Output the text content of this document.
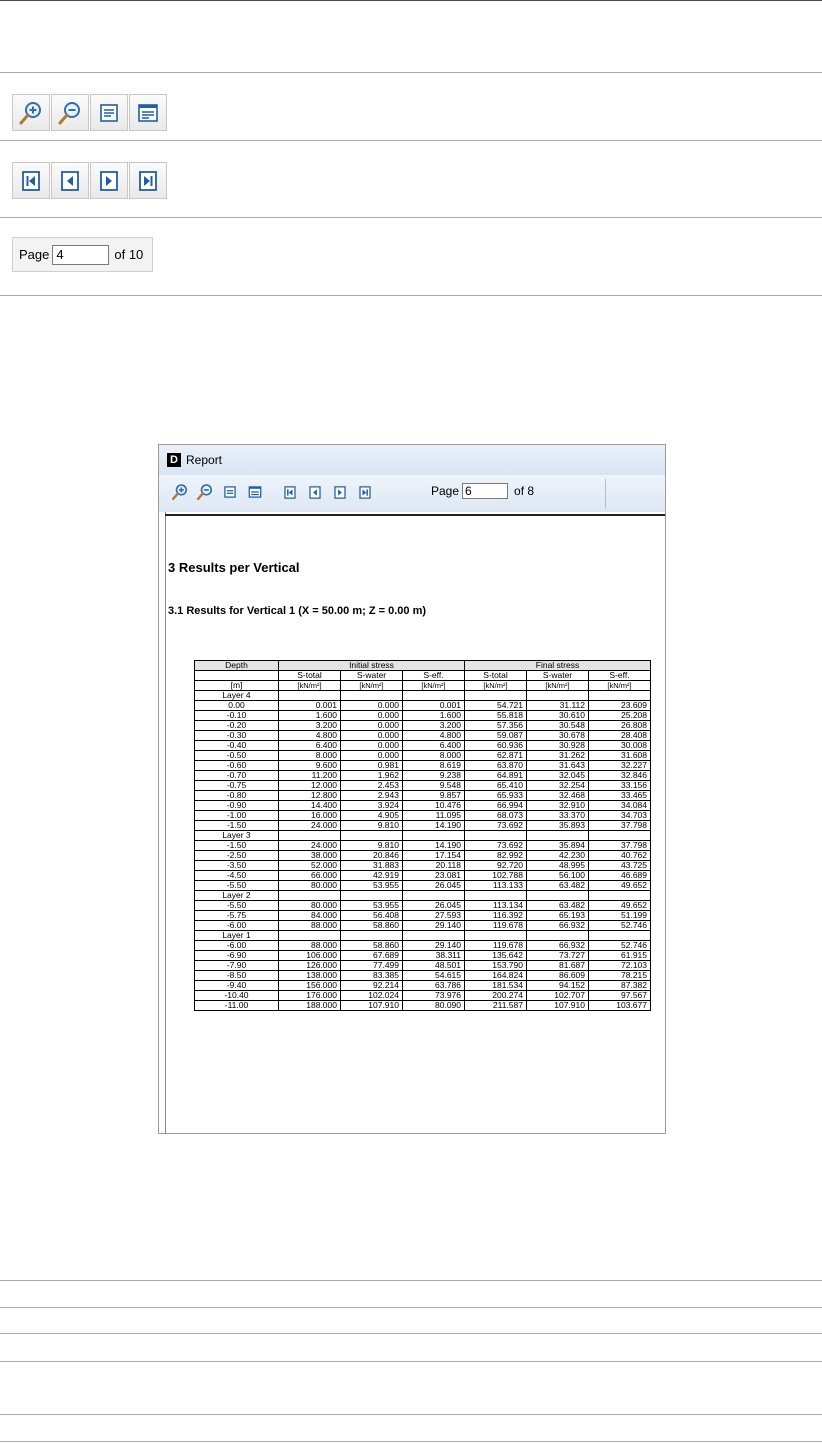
Page 4	of 10
D Report
Page 6	of 8
3 Results per Vertical
3.1 Results for Vertical 1 (X = 50.00 m; Z = 0.00 m)
Depth	Initial stress			Final stress		
	S-total	S-water	S-eff.	S-total	S-water	S-eff.
[m]	[kN/m²]	[kN/m²]	[kN/m²]	[kN/m²]	[kN/m²]	[kN/m²]
Layer 4						
0.00	0.001	0.000	0.001	54.721	31.112	23.609
-0.10	1.600	0.000	1.600	55.818	30.610	25.208
-0.20	3.200	0.000	3.200	57.356	30.548	26.808
-0.30	4.800	0.000	4.800	59.087	30.678	28.408
-0.40	6.400	0.000	6.400	60.936	30.928	30.008
-0.50	8.000	0.000	8.000	62.871	31.262	31.608
-0.60	9.600	0.981	8.619	63.870	31.643	32.227
-0.70	11.200	1.962	9.238	64.891	32.045	32.846
-0.75	12.000	2.453	9.548	65.410	32.254	33.156
-0.80	12.800	2.943	9.857	65.933	32.468	33.465
-0.90	14.400	3.924	10.476	66.994	32.910	34.084
-1.00	16.000	4.905	11.095	68.073	33.370	34.703
-1.50	24.000	9.810	14.190	73.692	35.893	37.798
Layer 3						
-1.50	24.000	9.810	14.190	73.692	35.894	37.798
-2.50	38.000	20.846	17.154	82.992	42.230	40.762
-3.50	52.000	31.883	20.118	92.720	48.995	43.725
-4.50	66.000	42.919	23.081	102.788	56.100	46.689
-5.50	80.000	53.955	26.045	113.133	63.482	49.652
Layer 2						
-5.50	80.000	53.955	26.045	113.134	63.482	49.652
-5.75	84.000	56.408	27.593	116.392	65.193	51.199
-6.00	88.000	58.860	29.140	119.678	66.932	52.746
Layer 1						
-6.00	88.000	58.860	29.140	119.678	66.932	52.746
-6.90	106.000	67.689	38.311	135.642	73.727	61.915
-7.90	126.000	77.499	48.501	153.790	81.687	72.103
-8.50	138.000	83.385	54.615	164.824	86.609	78.215
-9.40	156.000	92.214	63.786	181.534	94.152	87.382
-10.40	176.000	102.024	73.976	200.274	102.707	97.567
-11.00	188.000	107.910	80.090	211.587	107.910	103.677
